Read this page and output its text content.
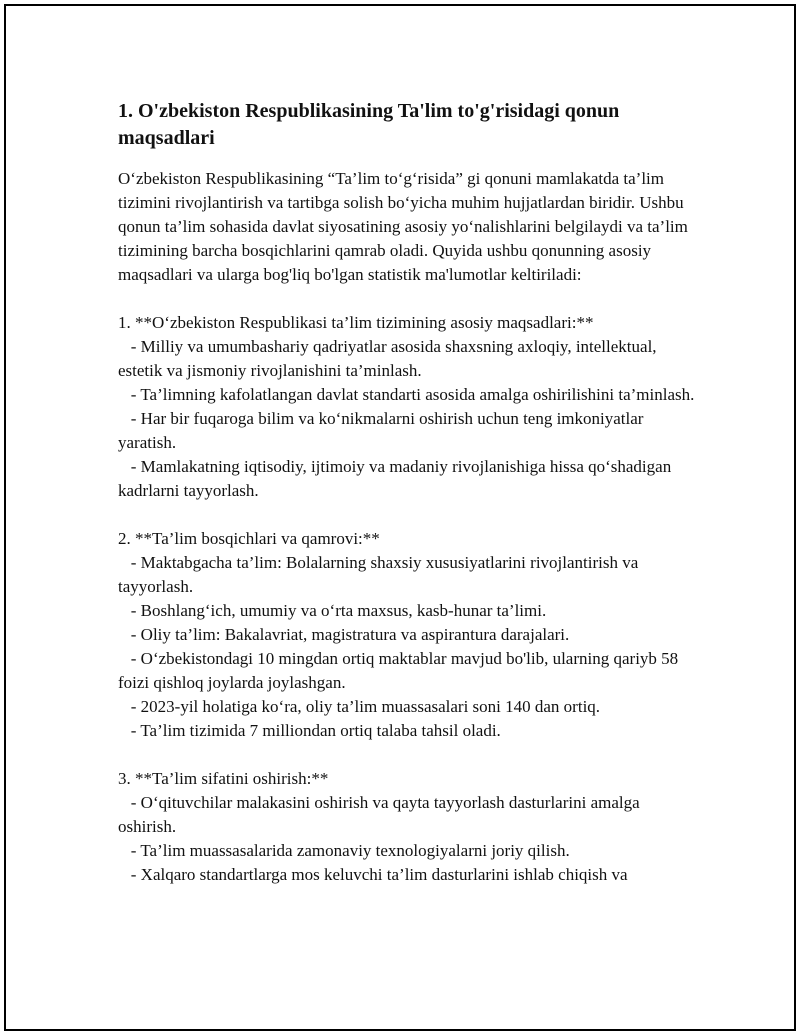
1. O'zbekiston Respublikasining Ta'lim to'g'risidagi qonun maqsadlari

O‘zbekiston Respublikasining “Ta’lim to‘g‘risida” gi qonuni mamlakatda ta’lim tizimini rivojlantirish va tartibga solish bo‘yicha muhim hujjatlardan biridir. Ushbu qonun ta’lim sohasida davlat siyosatining asosiy yo‘nalishlarini belgilaydi va ta’lim tizimining barcha bosqichlarini qamrab oladi. Quyida ushbu qonunning asosiy maqsadlari va ularga bog'liq bo'lgan statistik ma'lumotlar keltiriladi:

1. **O‘zbekiston Respublikasi ta’lim tizimining asosiy maqsadlari:**

- Milliy va umumbashariy qadriyatlar asosida shaxsning axloqiy, intellektual, estetik va jismoniy rivojlanishini ta’minlash.

- Ta’limning kafolatlangan davlat standarti asosida amalga oshirilishini ta’minlash.

- Har bir fuqaroga bilim va ko‘nikmalarni oshirish uchun teng imkoniyatlar yaratish.

- Mamlakatning iqtisodiy, ijtimoiy va madaniy rivojlanishiga hissa qo‘shadigan kadrlarni tayyorlash.

2. **Ta’lim bosqichlari va qamrovi:**

- Maktabgacha ta’lim: Bolalarning shaxsiy xususiyatlarini rivojlantirish va tayyorlash.

- Boshlang‘ich, umumiy va o‘rta maxsus, kasb-hunar ta’limi.

- Oliy ta’lim: Bakalavriat, magistratura va aspirantura darajalari.

- O‘zbekistondagi 10 mingdan ortiq maktablar mavjud bo'lib, ularning qariyb 58 foizi qishloq joylarda joylashgan.

- 2023-yil holatiga ko‘ra, oliy ta’lim muassasalari soni 140 dan ortiq.

- Ta’lim tizimida 7 milliondan ortiq talaba tahsil oladi.

3. **Ta’lim sifatini oshirish:**

- O‘qituvchilar malakasini oshirish va qayta tayyorlash dasturlarini amalga oshirish.

- Ta’lim muassasalarida zamonaviy texnologiyalarni joriy qilish.

- Xalqaro standartlarga mos keluvchi ta’lim dasturlarini ishlab chiqish va
